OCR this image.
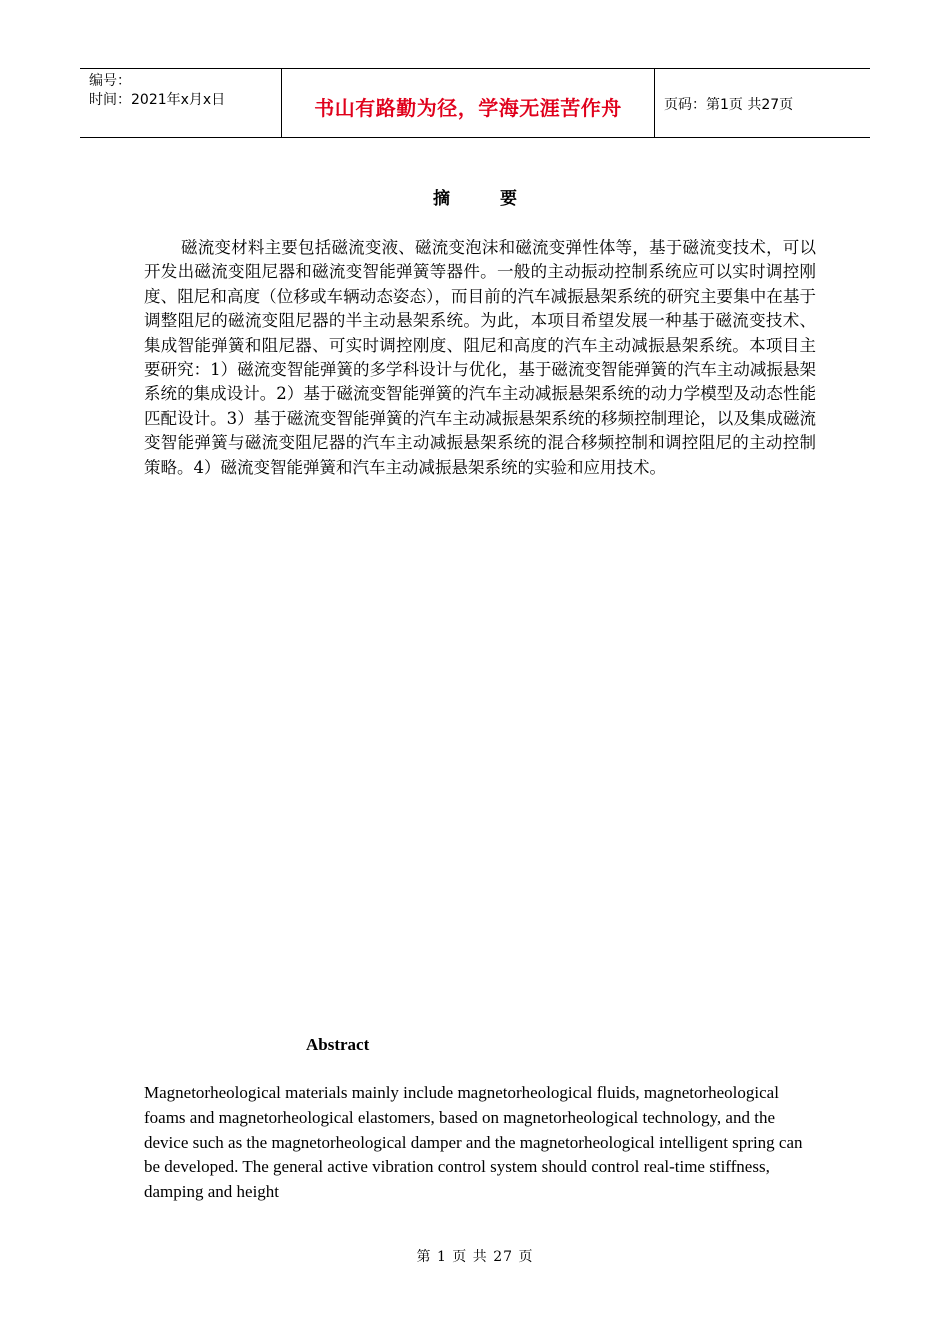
编号：
时间：2021年x月x日	书山有路勤为径，学海无涯苦作舟	页码：第1页 共27页
摘 要
磁流变材料主要包括磁流变液、磁流变泡沫和磁流变弹性体等，基于磁流变技术，可以开发出磁流变阻尼器和磁流变智能弹簧等器件。一般的主动振动控制系统应可以实时调控刚度、阻尼和高度（位移或车辆动态姿态），而目前的汽车减振悬架系统的研究主要集中在基于调整阻尼的磁流变阻尼器的半主动悬架系统。为此，本项目希望发展一种基于磁流变技术、集成智能弹簧和阻尼器、可实时调控刚度、阻尼和高度的汽车主动减振悬架系统。本项目主要研究：1）磁流变智能弹簧的多学科设计与优化，基于磁流变智能弹簧的汽车主动减振悬架系统的集成设计。2）基于磁流变智能弹簧的汽车主动减振悬架系统的动力学模型及动态性能匹配设计。3）基于磁流变智能弹簧的汽车主动减振悬架系统的移频控制理论，以及集成磁流变智能弹簧与磁流变阻尼器的汽车主动减振悬架系统的混合移频控制和调控阻尼的主动控制策略。4）磁流变智能弹簧和汽车主动减振悬架系统的实验和应用技术。
Abstract
Magnetorheological materials mainly include magnetorheological fluids, magnetorheological foams and magnetorheological elastomers, based on magnetorheological technology, and the device such as the magnetorheological damper and the magnetorheological intelligent spring can be developed. The general active vibration control system should control real-time stiffness, damping and height
第 1 页 共 27 页
